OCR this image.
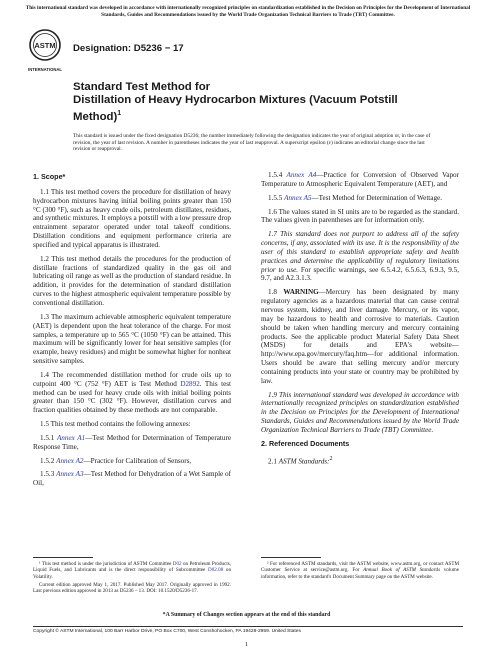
This international standard was developed in accordance with internationally recognized principles on standardization established in the Decision on Principles for the Development of International Standards, Guides and Recommendations issued by the World Trade Organization Technical Barriers to Trade (TBT) Committee.
ASTM
INTERNATIONAL
Designation: D5236 − 17
Standard Test Method for
Distillation of Heavy Hydrocarbon Mixtures (Vacuum Potstill Method)$^1$
This standard is issued under the fixed designation D5236; the number immediately following the designation indicates the year of original adoption or, in the case of revision, the year of last revision. A number in parentheses indicates the year of last reapproval. A superscript epsilon (ε) indicates an editorial change since the last revision or reapproval.
1. Scope*

1.1 This test method covers the procedure for distillation of heavy hydrocarbon mixtures having initial boiling points greater than 150 °C (300 °F), such as heavy crude oils, petroleum distillates, residues, and synthetic mixtures. It employs a potstill with a low pressure drop entrainment separator operated under total takeoff conditions. Distillation conditions and equipment performance criteria are specified and typical apparatus is illustrated.

1.2 This test method details the procedures for the production of distillate fractions of standardized quality in the gas oil and lubricating oil range as well as the production of standard residue. In addition, it provides for the determination of standard distillation curves to the highest atmospheric equivalent temperature possible by conventional distillation.

1.3 The maximum achievable atmospheric equivalent temperature (AET) is dependent upon the heat tolerance of the charge. For most samples, a temperature up to 565 °C (1050 °F) can be attained. This maximum will be significantly lower for heat sensitive samples (for example, heavy residues) and might be somewhat higher for nonheat sensitive samples.

1.4 The recommended distillation method for crude oils up to cutpoint 400 °C (752 °F) AET is Test Method D2892. This test method can be used for heavy crude oils with initial boiling points greater than 150 °C (302 °F). However, distillation curves and fraction qualities obtained by these methods are not comparable.

1.5 This test method contains the following annexes:

1.5.1 Annex A1—Test Method for Determination of Temperature Response Time,

1.5.2 Annex A2—Practice for Calibration of Sensors,

1.5.3 Annex A3—Test Method for Dehydration of a Wet Sample of Oil,

1.5.4 Annex A4—Practice for Conversion of Observed Vapor Temperature to Atmospheric Equivalent Temperature (AET), and

1.5.5 Annex A5—Test Method for Determination of Wettage.

1.6 The values stated in SI units are to be regarded as the standard. The values given in parentheses are for information only.

1.7 This standard does not purport to address all of the safety concerns, if any, associated with its use. It is the responsibility of the user of this standard to establish appropriate safety and health practices and determine the applicability of regulatory limitations prior to use. For specific warnings, see 6.5.4.2, 6.5.6.3, 6.9.3, 9.5, 9.7, and A2.3.1.3.

1.8 WARNING—Mercury has been designated by many regulatory agencies as a hazardous material that can cause central nervous system, kidney, and liver damage. Mercury, or its vapor, may be hazardous to health and corrosive to materials. Caution should be taken when handling mercury and mercury containing products. See the applicable product Material Safety Data Sheet (MSDS) for details and EPA's website—http://www.epa.gov/mercury/faq.htm—for additional information. Users should be aware that selling mercury and/or mercury containing products into your state or country may be prohibited by law.

1.9 This international standard was developed in accordance with internationally recognized principles on standardization established in the Decision on Principles for the Development of International Standards, Guides and Recommendations issued by the World Trade Organization Technical Barriers to Trade (TBT) Committee.

2. Referenced Documents

2.1 ASTM Standards:$^2$

¹ This test method is under the jurisdiction of ASTM Committee D02 on Petroleum Products, Liquid Fuels, and Lubricants and is the direct responsibility of Subcommittee D02.08 on Volatility.

Current edition approved May 1, 2017. Published May 2017. Originally approved in 1992. Last previous edition approved in 2013 as D5236 – 13. DOI: 10.1520/D5236-17.

² For referenced ASTM standards, visit the ASTM website, www.astm.org, or contact ASTM Customer Service at service@astm.org. For Annual Book of ASTM Standards volume information, refer to the standard's Document Summary page on the ASTM website.

*A Summary of Changes section appears at the end of this standard
Copyright © ASTM International, 100 Barr Harbor Drive, PO Box C700, West Conshohocken, PA 19428-2959. United States
1
